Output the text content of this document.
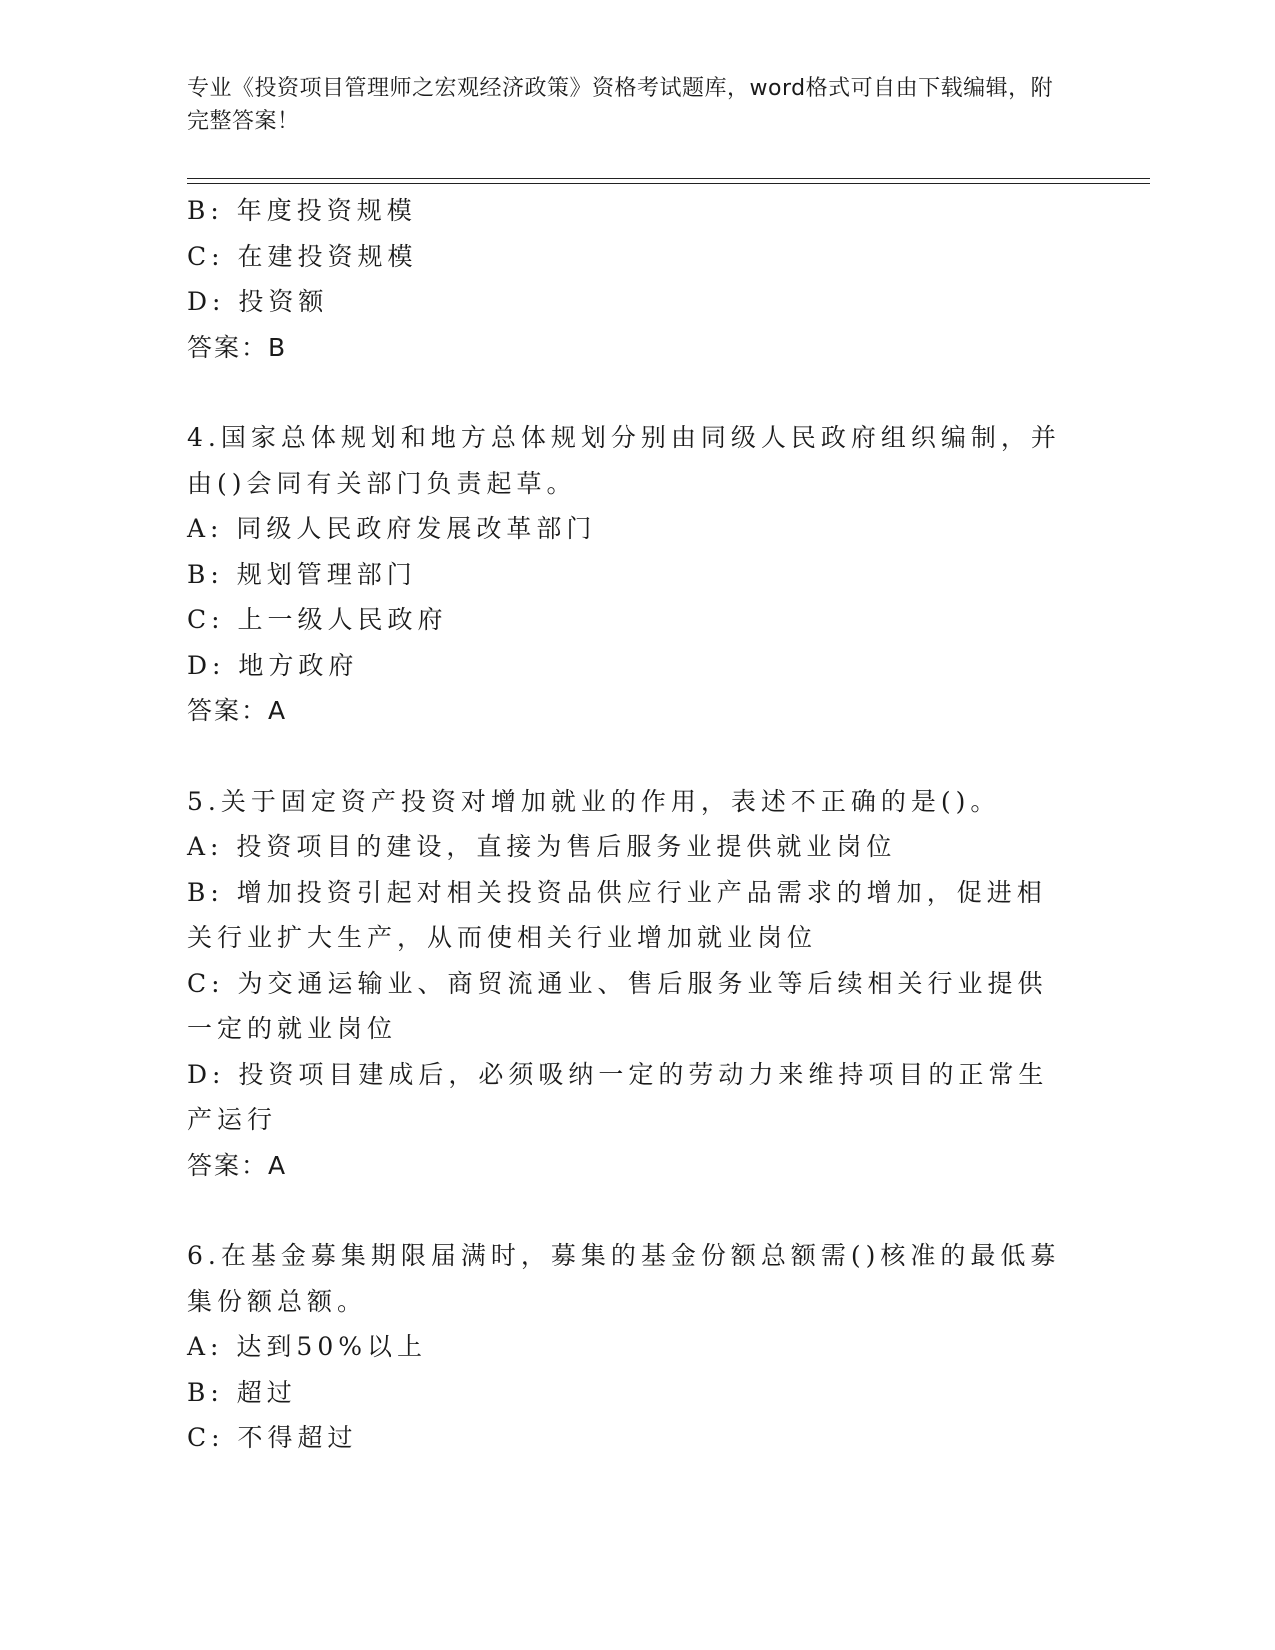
专业《投资项目管理师之宏观经济政策》资格考试题库，word格式可自由下载编辑，附完整答案！
B: 年度投资规模
C: 在建投资规模
D: 投资额
答案：B
4.国家总体规划和地方总体规划分别由同级人民政府组织编制，并由()会同有关部门负责起草。
A: 同级人民政府发展改革部门
B: 规划管理部门
C: 上一级人民政府
D: 地方政府
答案：A
5.关于固定资产投资对增加就业的作用，表述不正确的是()。
A: 投资项目的建设，直接为售后服务业提供就业岗位
B: 增加投资引起对相关投资品供应行业产品需求的增加，促进相关行业扩大生产，从而使相关行业增加就业岗位
C: 为交通运输业、商贸流通业、售后服务业等后续相关行业提供一定的就业岗位
D: 投资项目建成后，必须吸纳一定的劳动力来维持项目的正常生产运行
答案：A
6.在基金募集期限届满时，募集的基金份额总额需()核准的最低募集份额总额。
A: 达到50%以上
B: 超过
C: 不得超过
